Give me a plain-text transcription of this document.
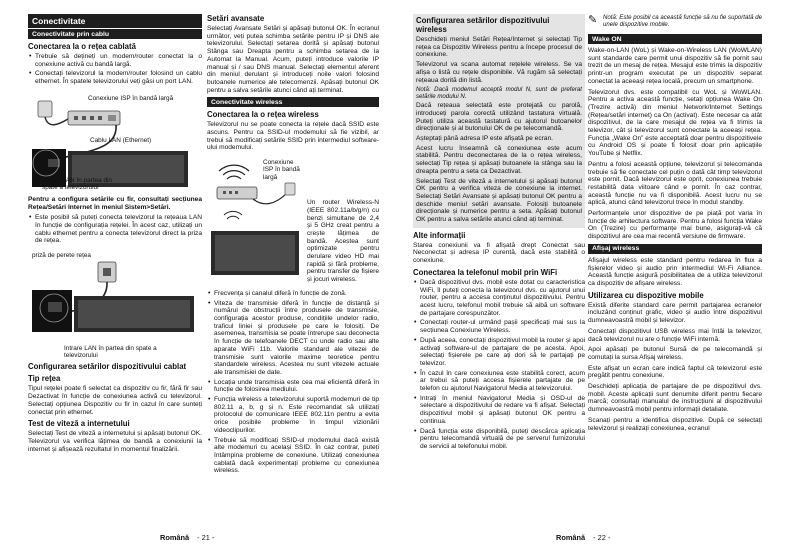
Conectivitate
Conectivitate prin cablu
Conectarea la o rețea cablată
• Trebuie să dețineți un modem/router conectat la o conexiune activă cu bandă largă.
• Conectați televizorul la modem/router folosind un cablu ethernet. În spatele televizorului veți găsi un port LAN.
Conexiune ISP în bandă largă
Cablu LAN (Ethernet)
Intrare LAN în partea din spate a televizorului

Pentru a configura setările cu fir, consultați secțiunea Rețea/Setări Internet în meniul Sistem>Setări.

• Este posibil să puteți conecta televizorul la rețeaua LAN în funcție de configurația rețelei. În acest caz, utilizați un cablu ethernet pentru a conecta televizorul direct la priza de rețea.
priză de perete rețea
Intrare LAN în partea din spate a televizorului
Configurarea setărilor dispozitivului cablat
Tip rețea

Tipul rețelei poate fi selectat ca dispozitiv cu fir, fără fir sau Dezactivat în funcție de conexiunea activă cu televizorul. Selectați opțiunea Dispozitiv cu fir în cazul în care sunteți conectat prin ethernet.

Test de viteză a internetului

Selectați Test de viteză a internetului și apăsați butonul OK. Televizorul va verifica lățimea de bandă a conexiunii la internet și afișează rezultatul în momentul finalizării.

Setări avansate

Selectați Avansate Setări și apăsați butonul OK. În ecranul următor, veți putea schimba setările pentru IP și DNS ale televizorului. Selectați setarea dorită și apăsați butonul Stânga sau Dreapta pentru a schimba setarea de la Automat la Manual. Acum, puteți introduce valorile IP manual și / sau DNS manual. Selectați elementul aferent din meniul derulant și introduceți noile valori folosind butoanele numerice ale telecomenzii. Apăsați butonul OK pentru a salva setările atunci când ați terminat.

Conectivitate wireless
Conectarea la o rețea wireless

Televizorul nu se poate conecta la rețele dacă SSID este ascuns. Pentru ca SSID-ul modemului să fie vizibil, ar trebui să modificați setările SSID prin intermediul software-ului modemului.

Conexiune ISP în bandă largă

Un router Wireless-N (IEEE 802.11a/b/g/n) cu benzi simultane de 2,4 și 5 GHz creat pentru a crește lățimea de bandă. Acestea sunt optimizate pentru derulare video HD mai rapidă și fără probleme, pentru transfer de fișiere și jocuri wireless.

• Frecvența și canalul diferă în funcție de zonă.
• Viteza de transmisie diferă în funcție de distanță și numărul de obstrucții între produsele de transmisie, configurația acestor produse, condițiile undelor radio, traficul liniei și produsele pe care le folosiți. De asemenea, transmisia se poate întrerupe sau deconecta în funcție de telefoanele DECT cu unde radio sau alte aparate WiFi 11b. Valorile standard ale vitezei de transmisie sunt valorile maxime teoretice pentru standardele wireless. Acestea nu sunt vitezele actuale ale transmisiei de date.
• Locația unde transmisia este cea mai eficientă diferă în funcție de folosirea mediului.
• Funcția wireless a televizorului suportă modemuri de tip 802.11 a, b, g și n. Este recomandat să utilizați protocolul de comunicare IEEE 802.11n pentru a evita orice posibile probleme în timpul vizionării videoclipurilor.
• Trebuie să modificați SSID-ul modemului dacă există alte modemuri cu același SSID. În caz contrar, puteți întâmpina probleme de conexiune. Utilizați conexiunea cablată dacă experimentați probleme cu conexiunea wireless.
Configurarea setărilor dispozitivului wireless

Deschideți meniul Setări Rețea/Internet și selectați Tip rețea ca Dispozitiv Wireless pentru a începe procesul de conexiune.

Televizorul va scana automat rețelele wireless. Se va afișa o listă cu rețele disponibile. Vă rugăm să selectați rețeaua dorită din listă.

Notă: Dacă modemul acceptă modul N, sunt de preferat setările modului N.

Dacă rețeaua selectată este protejată cu parolă, introduceți parola corectă utilizând tastatura virtuală. Puteți utiliza această tastatură cu ajutorul butoanelor direcționale și al butonului OK de pe telecomandă.

Așteptați până adresa IP este afișată pe ecran.

Acest lucru înseamnă că conexiunea este acum stabilită. Pentru deconectarea de la o rețea wireless, selectați Tip rețea și apăsați butoanele la stânga sau la dreapta pentru a seta ca Dezactivat.

Selectați Test de viteză a internetului și apăsați butonul OK pentru a verifica viteza de conexiune la internet. Selectați Setări Avansate și apăsați butonul OK pentru a deschide meniul setări avansate. Folosiți butoanele direcționale și numerice pentru a seta. Apăsați butonul OK pentru a salva setările atunci când ați terminat.

Alte informații

Starea conexiunii va fi afișată drept Conectat sau Neconectat și adresa IP curentă, dacă este stabilită o conexiune.

Conectarea la telefonul mobil prin WiFi
• Dacă dispozitivul dvs. mobil este dotat cu caracteristica WiFi, îl puteți conecta la televizorul dvs. cu ajutorul unui router, pentru a accesa conținutul dispozitivului. Pentru acest lucru, telefonul mobil trebuie să aibă un software de partajare corespunzător.
• Conectați router-ul urmând pașii specificați mai sus la secțiunea Conexiune Wireless.
• După aceea, conectați dispozitivul mobil la router și apoi activați software-ul de partajare de pe acesta. Apoi, selectați fișierele pe care ați dori să le partajați pe televizor.
• În cazul în care conexiunea este stabilită corect, acum ar trebui să puteți accesa fișierele partajate de pe telefon cu ajutorul Navigatorul Media al televizorului.
• Intrați în meniul Navigatorul Media și OSD-ul de selectare a dispozitivului de redare va fi afișat. Selectați dispozitivul mobil și apăsați butonul OK pentru a continua.
• Dacă funcția este disponibilă, puteți descărca aplicația pentru telecomandă virtuală de pe serverul furnizorului de servicii al telefonului mobil.
✎ Notă: Este posibil ca această funcție să nu fie suportată de unele dispozitive mobile.

Wake ON

Wake-on-LAN (WoL) și Wake-on-Wireless LAN (WoWLAN) sunt standarde care permit unui dispozitiv să fie pornit sau trezit de un mesaj de rețea. Mesajul este trimis la dispozitiv printr-un program executat pe un dispozitiv separat conectat la aceeași rețea locală, precum un smartphone.

Televizorul dvs. este compatibil cu WoL și WoWLAN. Pentru a activa această funcție, setați opțiunea Wake On (Trezire activă) din meniul Network/Internet Settings (Rețea/setări internet) ca On (activat). Este necesar ca atât dispozitivul, de la care mesajul de rețea va fi trimis la televizor, cât și televizorul sunt conectate la aceeași rețea. Funcția „Wake On” este acceptată doar pentru dispozitivele cu Android OS și poate fi folosit doar prin aplicațiile YouTube și Netflix.

Pentru a folosi această opțiune, televizorul și telecomanda trebuie să fie conectate cel puțin o dată cât timp televizorul este pornit. Dacă televizorul este oprit, conexiunea trebuie restabilită data viitoare când e pornit. În caz contrar, această funcție nu va fi disponibilă. Acest lucru nu se aplică, atunci când televizorul trece în modul standby.

Performanțele unor dispozitive de pe piață pot varia în funcție de arhitectura software. Pentru a folosi funcția Wake On (Trezire) cu performanțe mai bune, asigurați-vă că dispozitivul are cea mai recentă versiune de firmware.

Afișaj wireless

Afișajul wireless este standard pentru redarea în flux a fișierelor video și audio prin intermediul Wi-Fi Alliance. Această funcție asigură posibilitatea de a utiliza televizorul ca dispozitiv de afișare wireless.

Utilizarea cu dispozitive mobile

Există diferite standard care permit partajarea ecranelor incluzând conținut grafic, video și audio între dispozitivul dumneavoastră mobil și televizor.

Conectați dispozitivul USB wireless mai întâi la televizor, dacă televizorul nu are o funcție WiFi internă.

Apoi apăsați pe butonul Sursă de pe telecomandă și comutați la sursa Afișaj wireless.

Este afișat un ecran care indică faptul că televizorul este pregătit pentru conexiune.

Deschideți aplicația de partajare de pe dispozitivul dvs. mobil. Aceste aplicații sunt denumite diferit pentru fiecare marcă; consultați manualul de instrucțiuni al dispozitivului dumneavoastră mobil pentru informații detaliate.

Scanați pentru a identifica dispozitive. După ce selectați televizorul și realizați conexiunea, ecranul

Română - 21 -	Română - 22 -
